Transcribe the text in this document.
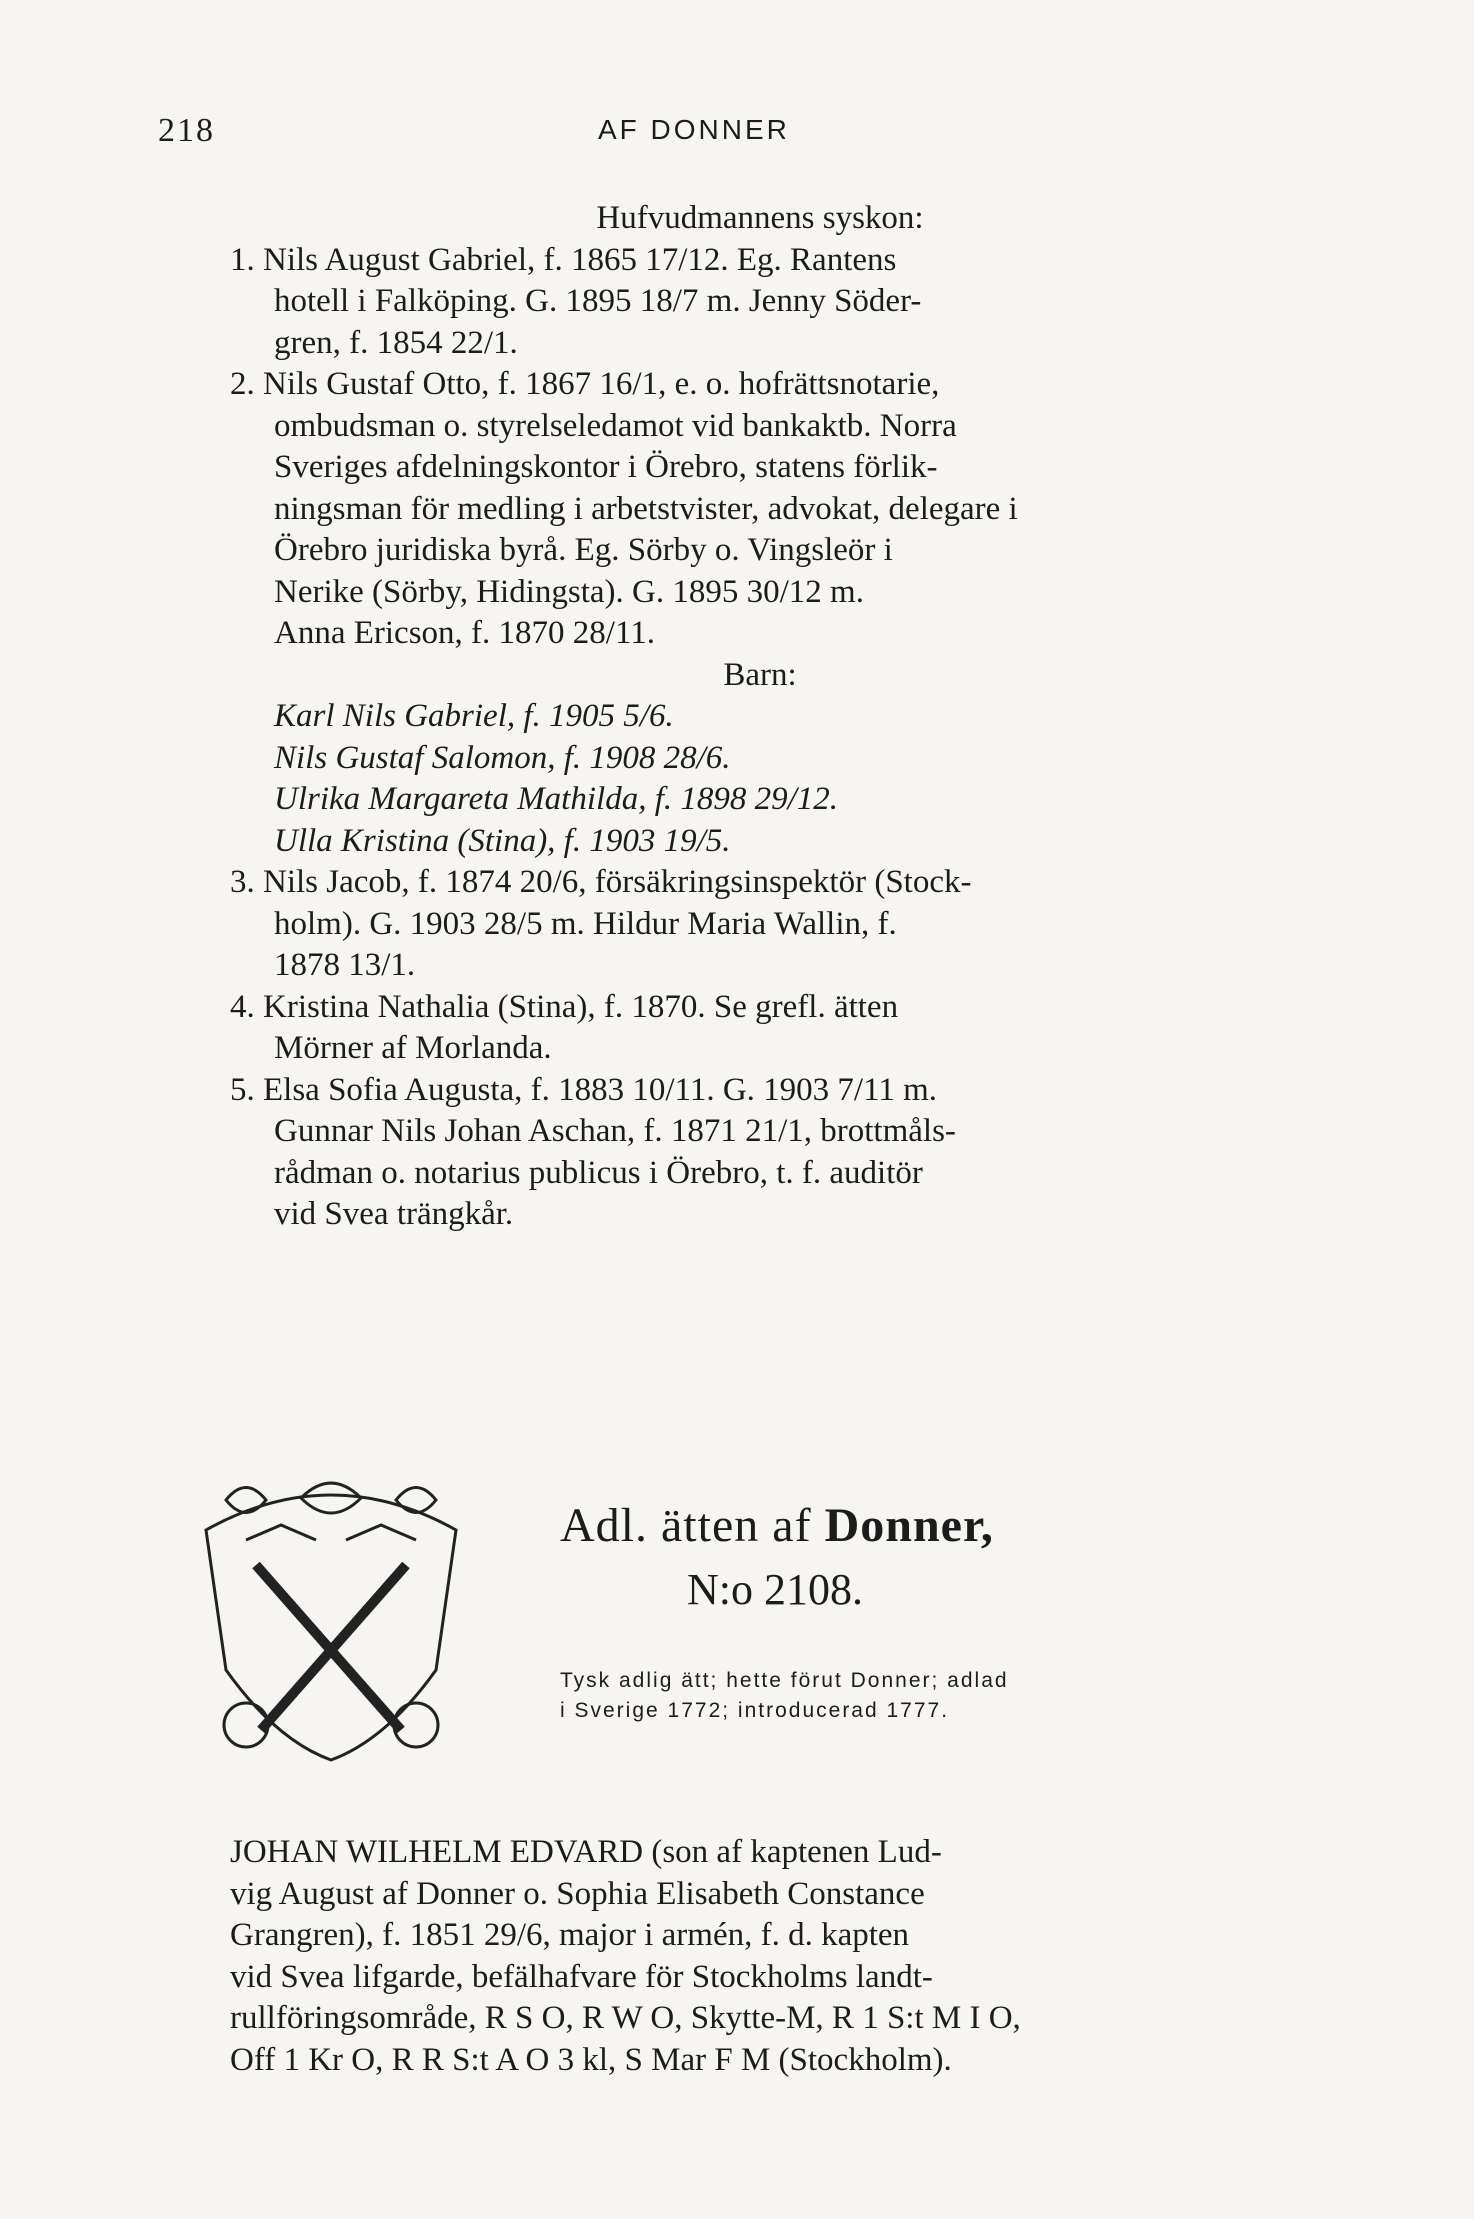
218	AF DONNER
Hufvudmannens syskon:
1. Nils August Gabriel, f. 1865 17/12. Eg. Rantens
hotell i Falköping. G. 1895 18/7 m. Jenny Söder-
gren, f. 1854 22/1.
2. Nils Gustaf Otto, f. 1867 16/1, e. o. hofrättsnotarie,
ombudsman o. styrelseledamot vid bankaktb. Norra
Sveriges afdelningskontor i Örebro, statens förlik-
ningsman för medling i arbetstvister, advokat, delegare i
Örebro juridiska byrå. Eg. Sörby o. Vingsleör i
Nerike (Sörby, Hidingsta). G. 1895 30/12 m.
Anna Ericson, f. 1870 28/11.
Barn:
Karl Nils Gabriel, f. 1905 5/6.
Nils Gustaf Salomon, f. 1908 28/6.
Ulrika Margareta Mathilda, f. 1898 29/12.
Ulla Kristina (Stina), f. 1903 19/5.
3. Nils Jacob, f. 1874 20/6, försäkringsinspektör (Stock-
holm). G. 1903 28/5 m. Hildur Maria Wallin, f.
1878 13/1.
4. Kristina Nathalia (Stina), f. 1870. Se grefl. ätten
Mörner af Morlanda.
5. Elsa Sofia Augusta, f. 1883 10/11. G. 1903 7/11 m.
Gunnar Nils Johan Aschan, f. 1871 21/1, brottmåls-
rådman o. notarius publicus i Örebro, t. f. auditör
vid Svea trängkår.
Adl. ätten af Donner,
N:o 2108.
Tysk adlig ätt; hette förut Donner; adlad
i Sverige 1772; introducerad 1777.
JOHAN WILHELM EDVARD (son af kaptenen Lud-
vig August af Donner o. Sophia Elisabeth Constance
Grangren), f. 1851 29/6, major i armén, f. d. kapten
vid Svea lifgarde, befälhafvare för Stockholms landt-
rullföringsområde, R S O, R W O, Skytte-M, R 1 S:t M I O,
Off 1 Kr O, R R S:t A O 3 kl, S Mar F M (Stockholm).
